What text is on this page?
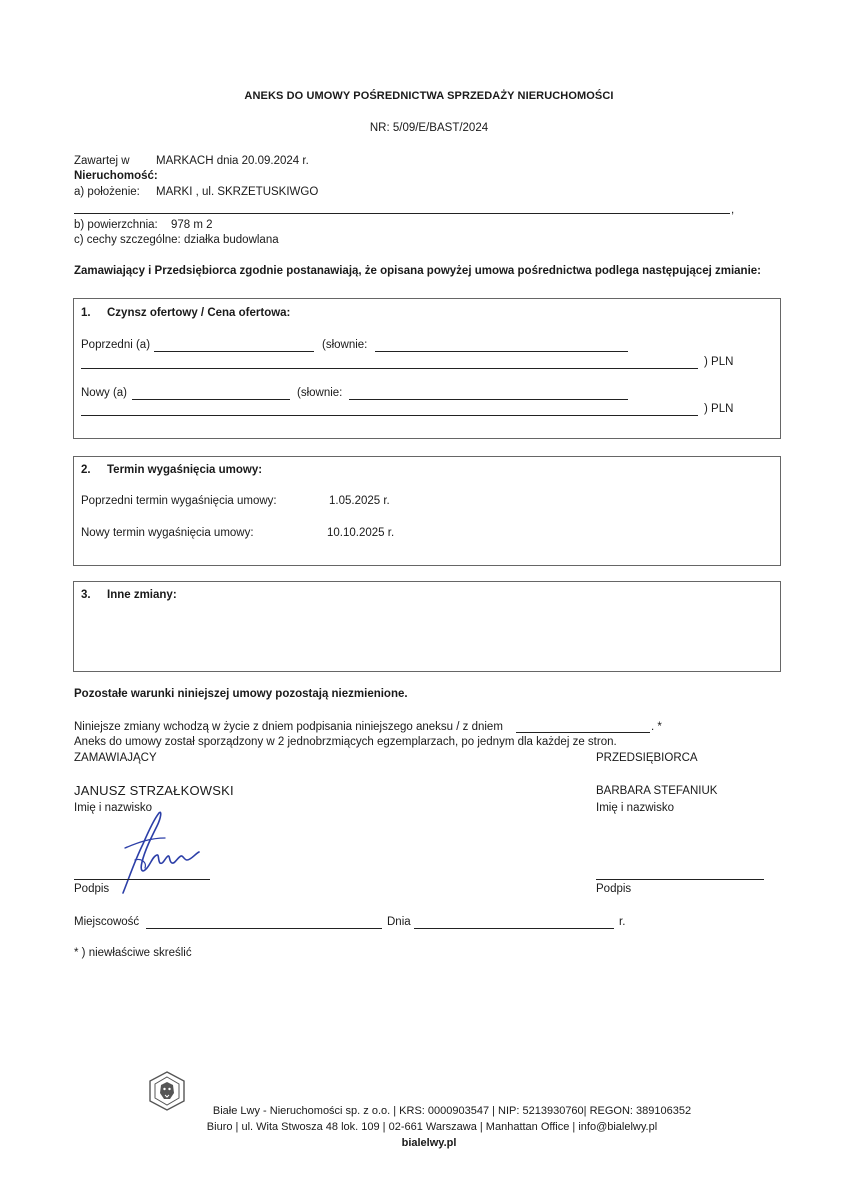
ANEKS DO UMOWY POŚREDNICTWA SPRZEDAŻY NIERUCHOMOŚCI
NR: 5/09/E/BAST/2024
Zawartej w MARKACH dnia 20.09.2024 r.
Nieruchomość:
a) położenie: MARKI , ul. SKRZETUSKIWGO
,
b) powierzchnia: 978 m 2
c) cechy szczególne: działka budowlana
Zamawiający i Przedsiębiorca zgodnie postanawiają, że opisana powyżej umowa pośrednictwa podlega następującej zmianie:
1. Czynsz ofertowy / Cena ofertowa:
Poprzedni (a)	(słownie:
) PLN
Nowy (a)	(słownie:
) PLN
2. Termin wygaśnięcia umowy:
Poprzedni termin wygaśnięcia umowy:	1.05.2025 r.
Nowy termin wygaśnięcia umowy:	10.10.2025 r.
3. Inne zmiany:
Pozostałe warunki niniejszej umowy pozostają niezmienione.
Niniejsze zmiany wchodzą w życie z dniem podpisania niniejszego aneksu / z dniem	. *
Aneks do umowy został sporządzony w 2 jednobrzmiących egzemplarzach, po jednym dla każdej ze stron.
ZAMAWIAJĄCY	PRZEDSIĘBIORCA
JANUSZ STRZAŁKOWSKI	BARBARA STEFANIUK
Imię i nazwisko	Imię i nazwisko
Podpis	Podpis
Miejscowość	Dnia	r.
* ) niewłaściwe skreślić
Białe Lwy - Nieruchomości sp. z o.o. | KRS: 0000903547 | NIP: 5213930760| REGON: 389106352
Biuro | ul. Wita Stwosza 48 lok. 109 | 02-661 Warszawa | Manhattan Office | info@bialelwy.pl
bialelwy.pl
